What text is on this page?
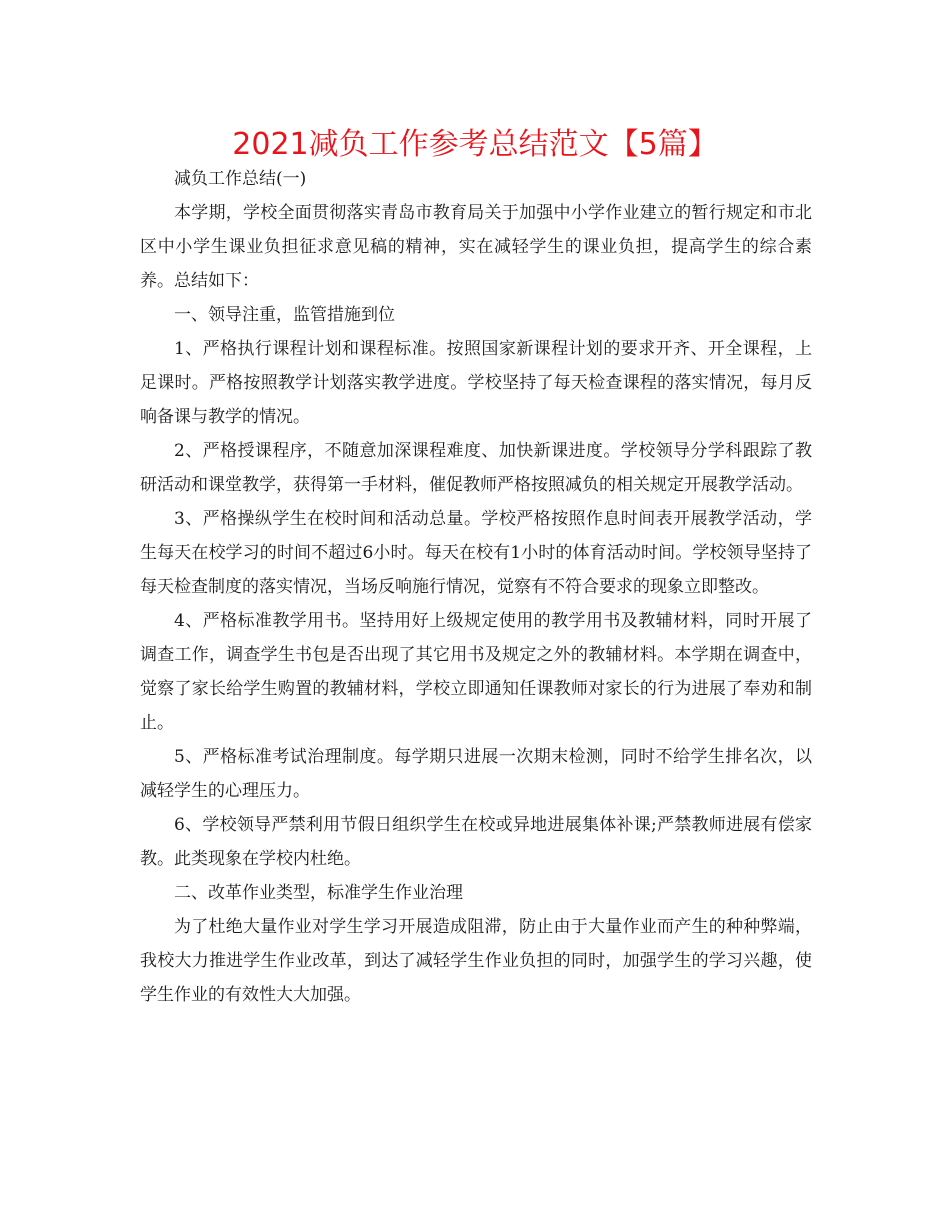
2021减负工作参考总结范文【5篇】

减负工作总结(一)

本学期，学校全面贯彻落实青岛市教育局关于加强中小学作业建立的暂行规定和市北区中小学生课业负担征求意见稿的精神，实在减轻学生的课业负担，提高学生的综合素养。总结如下：

一、领导注重，监管措施到位

1、严格执行课程计划和课程标准。按照国家新课程计划的要求开齐、开全课程，上足课时。严格按照教学计划落实教学进度。学校坚持了每天检查课程的落实情况，每月反响备课与教学的情况。

2、严格授课程序，不随意加深课程难度、加快新课进度。学校领导分学科跟踪了教研活动和课堂教学，获得第一手材料，催促教师严格按照减负的相关规定开展教学活动。

3、严格操纵学生在校时间和活动总量。学校严格按照作息时间表开展教学活动，学生每天在校学习的时间不超过6小时。每天在校有1小时的体育活动时间。学校领导坚持了每天检查制度的落实情况，当场反响施行情况，觉察有不符合要求的现象立即整改。

4、严格标准教学用书。坚持用好上级规定使用的教学用书及教辅材料，同时开展了调查工作，调查学生书包是否出现了其它用书及规定之外的教辅材料。本学期在调查中，觉察了家长给学生购置的教辅材料，学校立即通知任课教师对家长的行为进展了奉劝和制止。

5、严格标准考试治理制度。每学期只进展一次期末检测，同时不给学生排名次，以减轻学生的心理压力。

6、学校领导严禁利用节假日组织学生在校或异地进展集体补课;严禁教师进展有偿家教。此类现象在学校内杜绝。

二、改革作业类型，标准学生作业治理

为了杜绝大量作业对学生学习开展造成阻滞，防止由于大量作业而产生的种种弊端，我校大力推进学生作业改革，到达了减轻学生作业负担的同时，加强学生的学习兴趣，使学生作业的有效性大大加强。
